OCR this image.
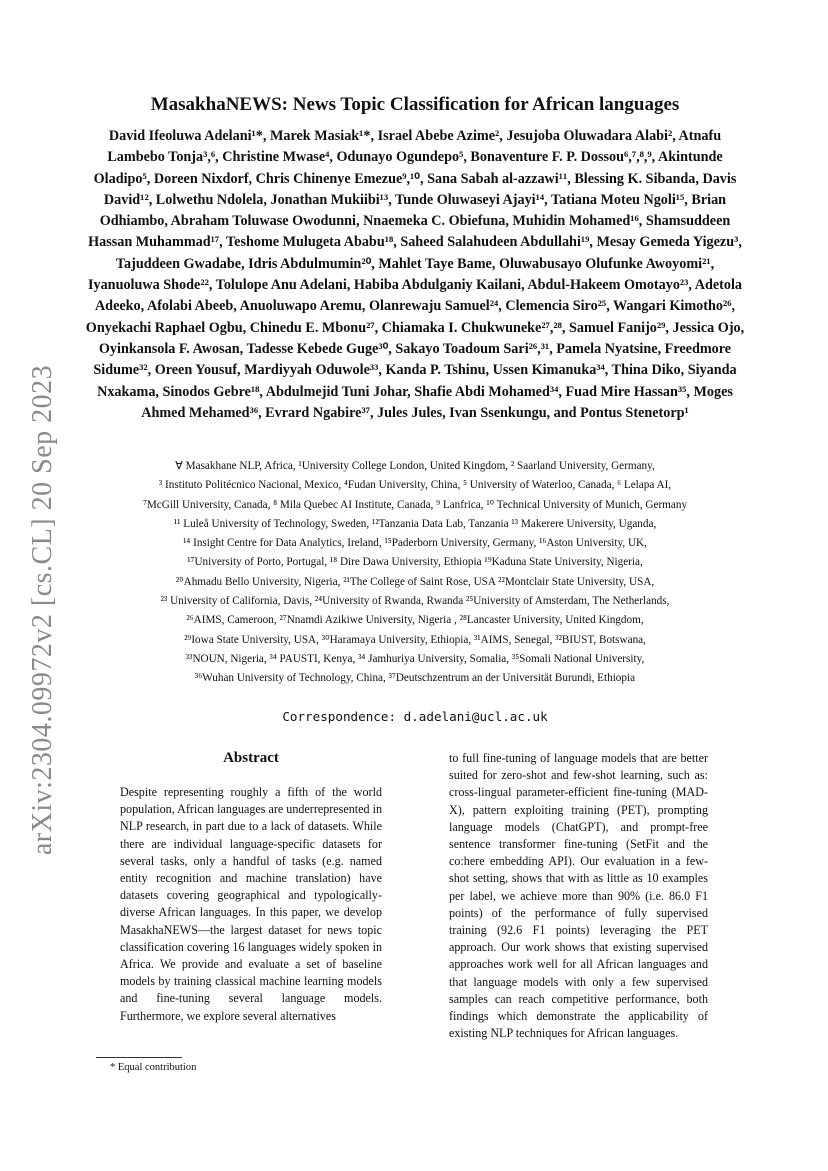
arXiv:2304.09972v2 [cs.CL] 20 Sep 2023
MasakhaNEWS: News Topic Classification for African languages

David Ifeoluwa Adelani¹*, Marek Masiak¹*, Israel Abebe Azime², Jesujoba Oluwadara Alabi², Atnafu Lambebo Tonja³,⁶, Christine Mwase⁴, Odunayo Ogundepo⁵, Bonaventure F. P. Dossou⁶,⁷,⁸,⁹, Akintunde Oladipo⁵, Doreen Nixdorf, Chris Chinenye Emezue⁹,¹⁰, Sana Sabah al-azzawi¹¹, Blessing K. Sibanda, Davis David¹², Lolwethu Ndolela, Jonathan Mukiibi¹³, Tunde Oluwaseyi Ajayi¹⁴, Tatiana Moteu Ngoli¹⁵, Brian Odhiambo, Abraham Toluwase Owodunni, Nnaemeka C. Obiefuna, Muhidin Mohamed¹⁶, Shamsuddeen Hassan Muhammad¹⁷, Teshome Mulugeta Ababu¹⁸, Saheed Salahudeen Abdullahi¹⁹, Mesay Gemeda Yigezu³, Tajuddeen Gwadabe, Idris Abdulmumin²⁰, Mahlet Taye Bame, Oluwabusayo Olufunke Awoyomi²¹, Iyanuoluwa Shode²², Tolulope Anu Adelani, Habiba Abdulganiy Kailani, Abdul-Hakeem Omotayo²³, Adetola Adeeko, Afolabi Abeeb, Anuoluwapo Aremu, Olanrewaju Samuel²⁴, Clemencia Siro²⁵, Wangari Kimotho²⁶, Onyekachi Raphael Ogbu, Chinedu E. Mbonu²⁷, Chiamaka I. Chukwuneke²⁷,²⁸, Samuel Fanijo²⁹, Jessica Ojo, Oyinkansola F. Awosan, Tadesse Kebede Guge³⁰, Sakayo Toadoum Sari²⁶,³¹, Pamela Nyatsine, Freedmore Sidume³², Oreen Yousuf, Mardiyyah Oduwole³³, Kanda P. Tshinu, Ussen Kimanuka³⁴, Thina Diko, Siyanda Nxakama, Sinodos Gebre¹⁸, Abdulmejid Tuni Johar, Shafie Abdi Mohamed³⁴, Fuad Mire Hassan³⁵, Moges Ahmed Mehamed³⁶, Evrard Ngabire³⁷, Jules Jules, Ivan Ssenkungu, and Pontus Stenetorp¹

∀ Masakhane NLP, Africa, ¹University College London, United Kingdom, ² Saarland University, Germany,
³ Instituto Politécnico Nacional, Mexico, ⁴Fudan University, China, ⁵ University of Waterloo, Canada, ⁶ Lelapa AI,
⁷McGill University, Canada, ⁸ Mila Quebec AI Institute, Canada, ⁹ Lanfrica, ¹⁰ Technical University of Munich, Germany
¹¹ Luleå University of Technology, Sweden, ¹²Tanzania Data Lab, Tanzania ¹³ Makerere University, Uganda,
¹⁴ Insight Centre for Data Analytics, Ireland, ¹⁵Paderborn University, Germany, ¹⁶Aston University, UK,
¹⁷University of Porto, Portugal, ¹⁸ Dire Dawa University, Ethiopia ¹⁹Kaduna State University, Nigeria,
²⁰Ahmadu Bello University, Nigeria, ²¹The College of Saint Rose, USA ²²Montclair State University, USA,
²³ University of California, Davis, ²⁴University of Rwanda, Rwanda ²⁵University of Amsterdam, The Netherlands,
²⁶AIMS, Cameroon, ²⁷Nnamdi Azikiwe University, Nigeria , ²⁸Lancaster University, United Kingdom,
²⁹Iowa State University, USA, ³⁰Haramaya University, Ethiopia, ³¹AIMS, Senegal, ³²BIUST, Botswana,
³³NOUN, Nigeria, ³⁴ PAUSTI, Kenya, ³⁴ Jamhuriya University, Somalia, ³⁵Somali National University,
³⁶Wuhan University of Technology, China, ³⁷Deutschzentrum an der Universität Burundi, Ethiopia
Correspondence: d.adelani@ucl.ac.uk
Abstract

Despite representing roughly a fifth of the world population, African languages are underrepresented in NLP research, in part due to a lack of datasets. While there are individual language-specific datasets for several tasks, only a handful of tasks (e.g. named entity recognition and machine translation) have datasets covering geographical and typologically-diverse African languages. In this paper, we develop MasakhaNEWS—the largest dataset for news topic classification covering 16 languages widely spoken in Africa. We provide and evaluate a set of baseline models by training classical machine learning models and fine-tuning several language models. Furthermore, we explore several alternatives

to full fine-tuning of language models that are better suited for zero-shot and few-shot learning, such as: cross-lingual parameter-efficient fine-tuning (MAD-X), pattern exploiting training (PET), prompting language models (ChatGPT), and prompt-free sentence transformer fine-tuning (SetFit and the co:here embedding API). Our evaluation in a few-shot setting, shows that with as little as 10 examples per label, we achieve more than 90% (i.e. 86.0 F1 points) of the performance of fully supervised training (92.6 F1 points) leveraging the PET approach. Our work shows that existing supervised approaches work well for all African languages and that language models with only a few supervised samples can reach competitive performance, both findings which demonstrate the applicability of existing NLP techniques for African languages.

* Equal contribution
